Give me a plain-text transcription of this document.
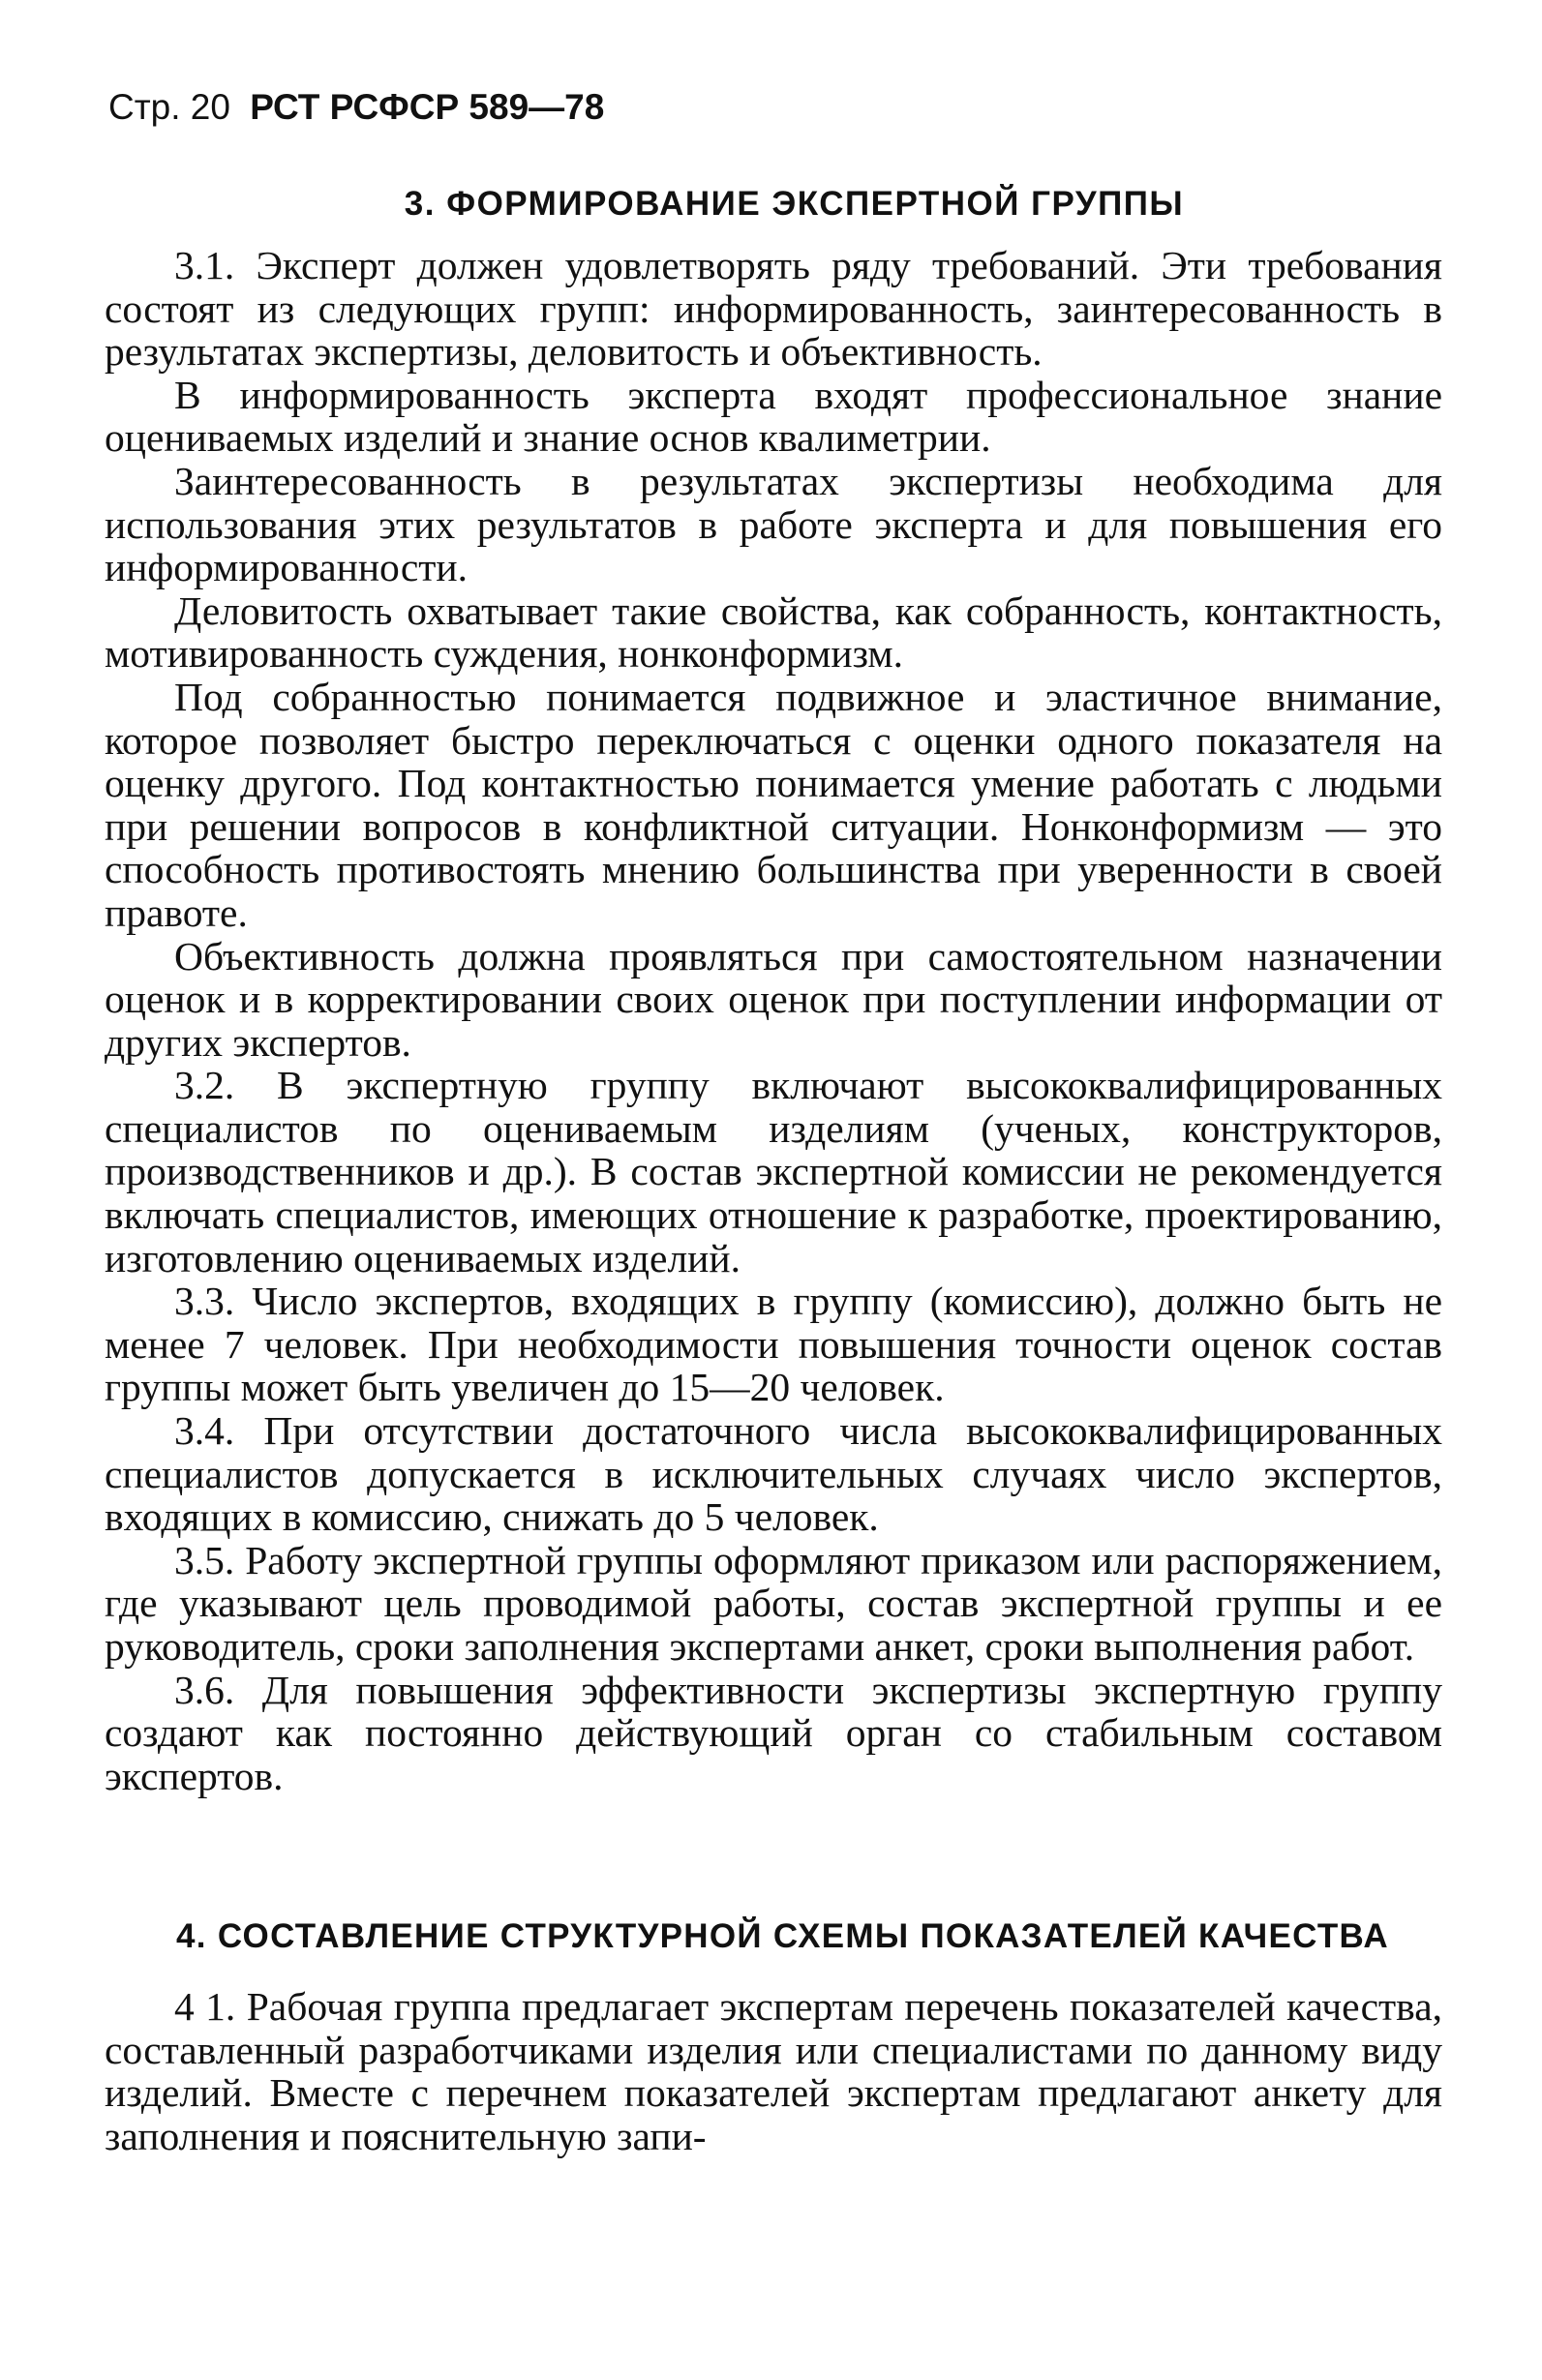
Стр. 20 РСТ РСФСР 589—78
3. ФОРМИРОВАНИЕ ЭКСПЕРТНОЙ ГРУППЫ

3.1. Эксперт должен удовлетворять ряду требований. Эти требования состоят из следующих групп: информированность, заинтересованность в результатах экспертизы, деловитость и объективность.

В информированность эксперта входят профессиональное знание оцениваемых изделий и знание основ квалиметрии.

Заинтересованность в результатах экспертизы необходима для использования этих результатов в работе эксперта и для повышения его информированности.

Деловитость охватывает такие свойства, как собранность, контактность, мотивированность суждения, нонконформизм.

Под собранностью понимается подвижное и эластичное внимание, которое позволяет быстро переключаться с оценки одного показателя на оценку другого. Под контактностью понимается умение работать с людьми при решении вопросов в конфликтной ситуации. Нонконформизм — это способность противостоять мнению большинства при уверенности в своей правоте.

Объективность должна проявляться при самостоятельном назначении оценок и в корректировании своих оценок при поступлении информации от других экспертов.

3.2. В экспертную группу включают высококвалифицированных специалистов по оцениваемым изделиям (ученых, конструкторов, производственников и др.). В состав экспертной комиссии не рекомендуется включать специалистов, имеющих отношение к разработке, проектированию, изготовлению оцениваемых изделий.

3.3. Число экспертов, входящих в группу (комиссию), должно быть не менее 7 человек. При необходимости повышения точности оценок состав группы может быть увеличен до 15—20 человек.

3.4. При отсутствии достаточного числа высококвалифицированных специалистов допускается в исключительных случаях число экспертов, входящих в комиссию, снижать до 5 человек.

3.5. Работу экспертной группы оформляют приказом или распоряжением, где указывают цель проводимой работы, состав экспертной группы и ее руководитель, сроки заполнения экспертами анкет, сроки выполнения работ.

3.6. Для повышения эффективности экспертизы экспертную группу создают как постоянно действующий орган со стабильным составом экспертов.

4. СОСТАВЛЕНИЕ СТРУКТУРНОЙ СХЕМЫ ПОКАЗАТЕЛЕЙ КАЧЕСТВА

4 1. Рабочая группа предлагает экспертам перечень показателей качества, составленный разработчиками изделия или специалистами по данному виду изделий. Вместе с перечнем показателей экспертам предлагают анкету для заполнения и пояснительную запи-
